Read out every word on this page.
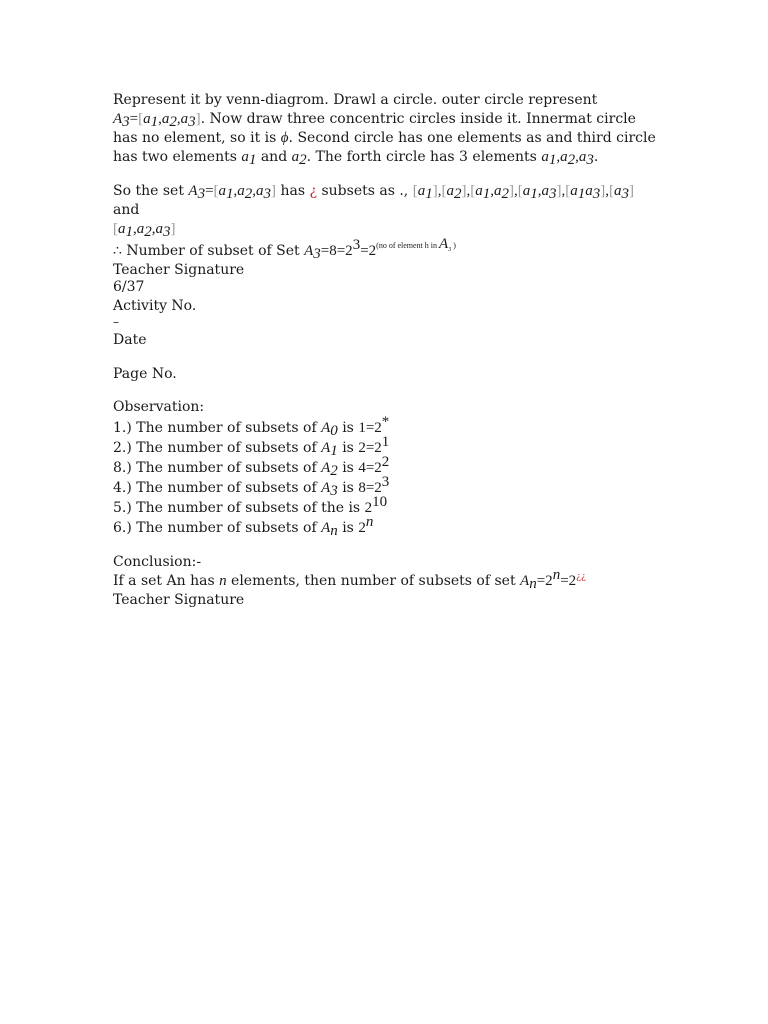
Represent it by venn-diagrom. Drawl a circle. outer circle represent

$A_3=[a_1,a_2,a_3]$. Now draw three concentric circles inside it. Innermat circle

has no element, so it is ϕ. Second circle has one elements as and third circle

has two elements $a_1$ and $a_2$. The forth circle has 3 elements $a_1,a_2,a_3$.

So the set $A_3=[a_1,a_2,a_3]$ has ¿ subsets as ., $[a_1],[a_2],[a_1,a_2],[a_1,a_3],[a_1a_3],[a_3]$ and

$[a_1,a_2,a_3]$

∴ Number of subset of Set $A_3=8=2^3=2^{(no of element h in A_3 )}$

Teacher Signature

6/37

Activity No.

–

Date

Page No.

Observation:

1.) The number of subsets of $A_0$ is 1=2*

2.) The number of subsets of $A_1$ is $2=2^1$

8.) The number of subsets of $A_2$ is $4=2^2$

4.) The number of subsets of $A_3$ is $8=2^3$

5.) The number of subsets of the is $2^{10}$

6.) The number of subsets of $A_n$ is 2$^n$

Conclusion:-

If a set An has n elements, then number of subsets of set $A_n=2^n=2^{¿¿}$

Teacher Signature
